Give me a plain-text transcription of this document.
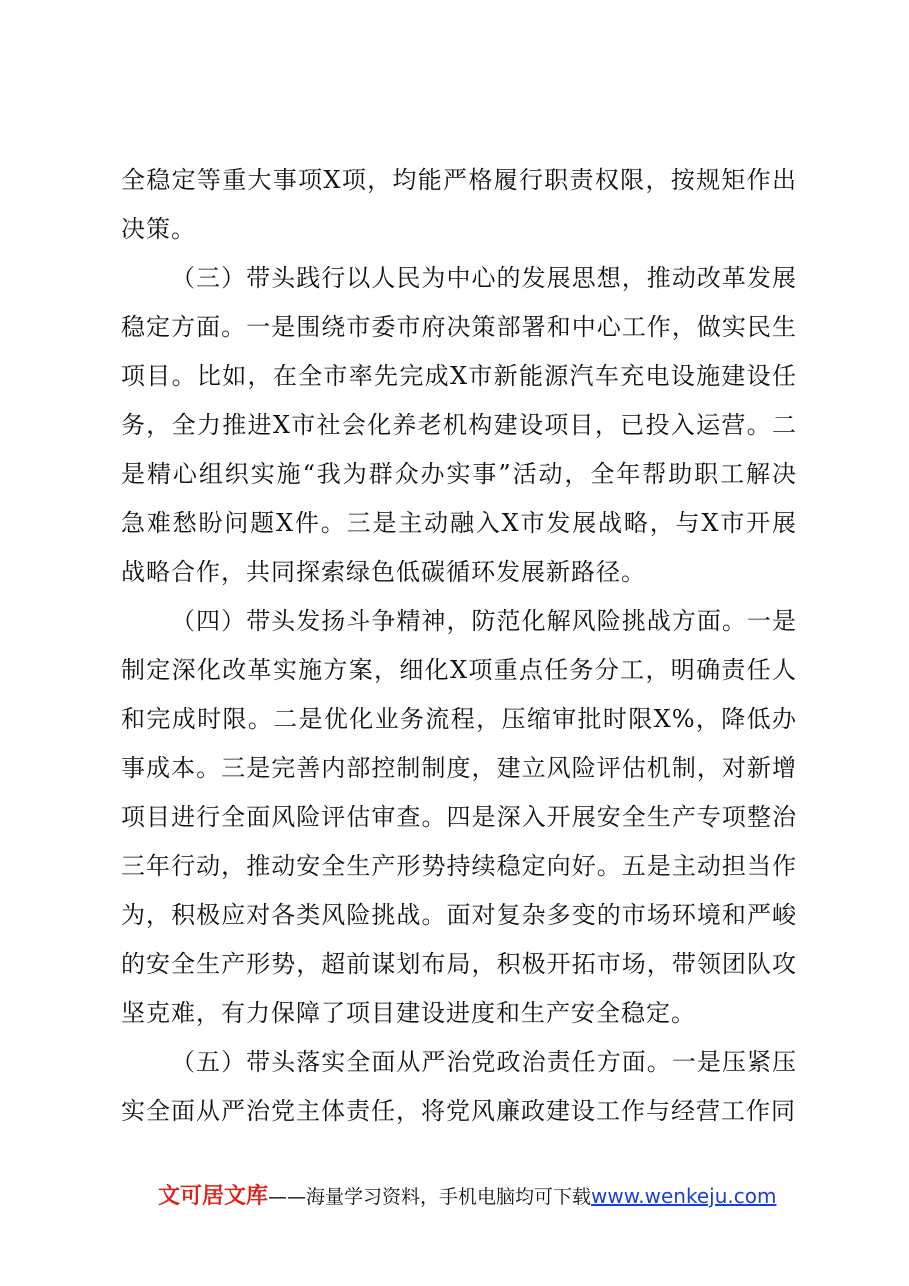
全稳定等重大事项X项，均能严格履行职责权限，按规矩作出决策。

（三）带头践行以人民为中心的发展思想，推动改革发展稳定方面。一是围绕市委市府决策部署和中心工作，做实民生项目。比如，在全市率先完成X市新能源汽车充电设施建设任务，全力推进X市社会化养老机构建设项目，已投入运营。二是精心组织实施“我为群众办实事”活动，全年帮助职工解决急难愁盼问题X件。三是主动融入X市发展战略，与X市开展战略合作，共同探索绿色低碳循环发展新路径。

（四）带头发扬斗争精神，防范化解风险挑战方面。一是制定深化改革实施方案，细化X项重点任务分工，明确责任人和完成时限。二是优化业务流程，压缩审批时限X%，降低办事成本。三是完善内部控制制度，建立风险评估机制，对新增项目进行全面风险评估审查。四是深入开展安全生产专项整治三年行动，推动安全生产形势持续稳定向好。五是主动担当作为，积极应对各类风险挑战。面对复杂多变的市场环境和严峻的安全生产形势，超前谋划布局，积极开拓市场，带领团队攻坚克难，有力保障了项目建设进度和生产安全稳定。

（五）带头落实全面从严治党政治责任方面。一是压紧压实全面从严治党主体责任，将党风廉政建设工作与经营工作同

文可居文库——海量学习资料，手机电脑均可下载www.wenkeju.com
